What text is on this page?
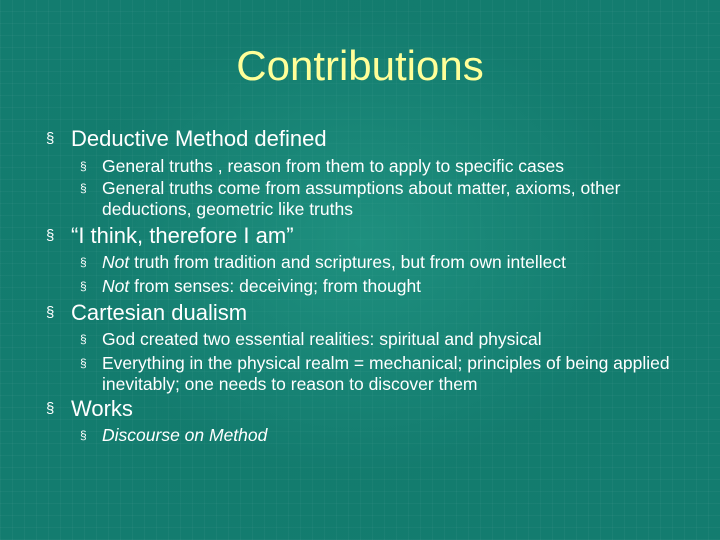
Contributions
§ Deductive Method defined
§ General truths , reason from them to apply to specific cases
§ General truths come from assumptions about matter, axioms, other deductions, geometric like truths
§ “I think, therefore I am”
§ Not truth from tradition and scriptures, but from own intellect
§ Not from senses: deceiving; from thought
§ Cartesian dualism
§ God created two essential realities: spiritual and physical
§ Everything in the physical realm = mechanical; principles of being applied inevitably; one needs to reason to discover them
§ Works
§ Discourse on Method
